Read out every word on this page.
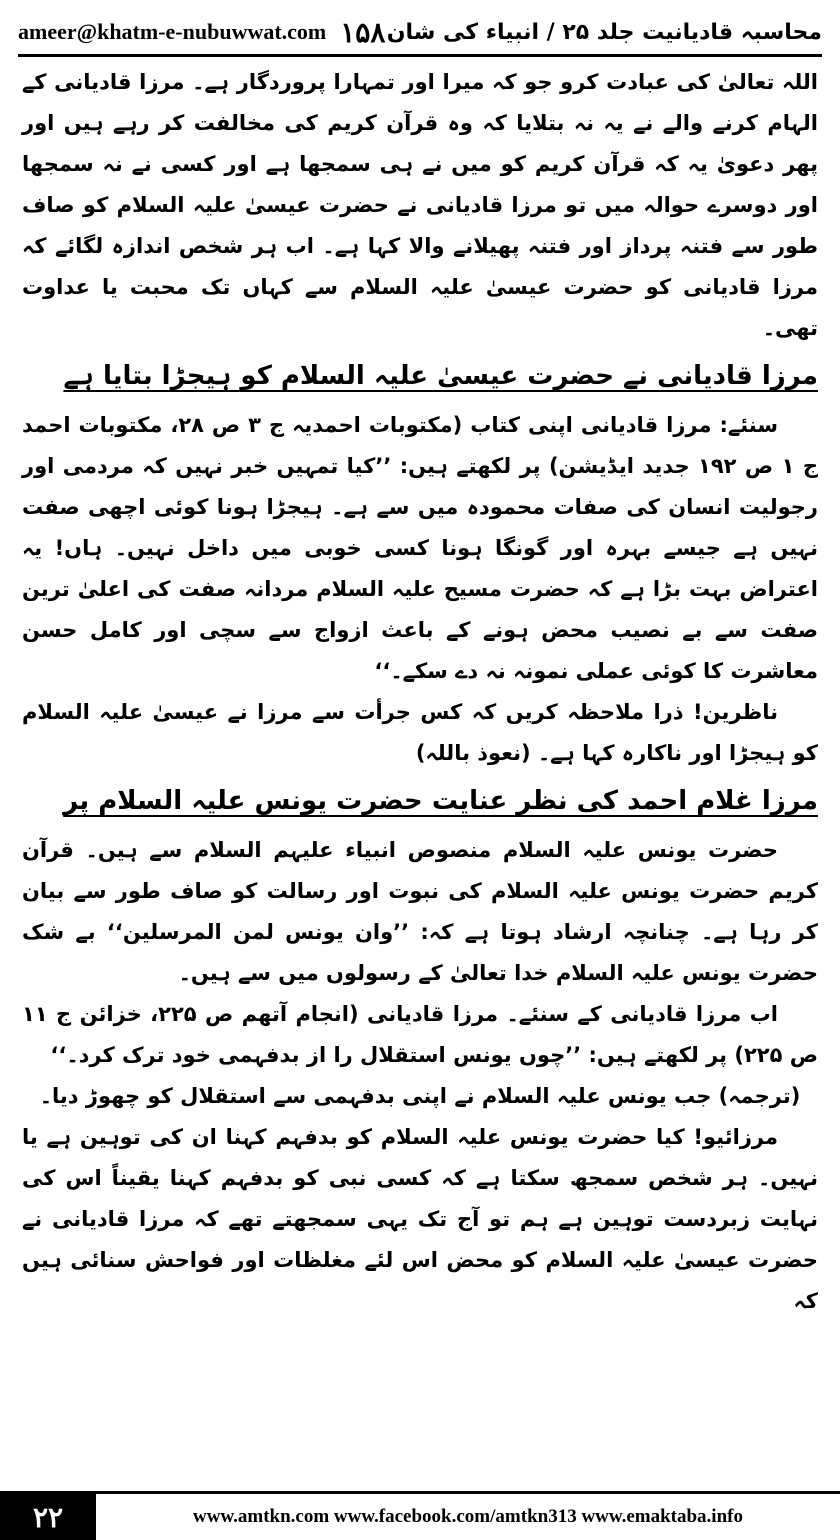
ameer@khatm-e-nubuwwat.com ۱۵۸ محاسبہ قادیانیت جلد ۲۵ / انبیاء کی شان

اللہ تعالیٰ کی عبادت کرو جو کہ میرا اور تمہارا پروردگار ہے۔ مرزا قادیانی کے الہام کرنے والے نے یہ نہ بتلایا کہ وہ قرآن کریم کی مخالفت کر رہے ہیں اور پھر دعویٰ یہ کہ قرآن کریم کو میں نے ہی سمجھا ہے اور کسی نے نہ سمجھا اور دوسرے حوالہ میں تو مرزا قادیانی نے حضرت عیسیٰ علیہ السلام کو صاف طور سے فتنہ پرداز اور فتنہ پھیلانے والا کہا ہے۔ اب ہر شخص اندازہ لگائے کہ مرزا قادیانی کو حضرت عیسیٰ علیہ السلام سے کہاں تک محبت یا عداوت تھی۔

مرزا قادیانی نے حضرت عیسیٰ علیہ السلام کو ہیجڑا بتایا ہے

سنئے: مرزا قادیانی اپنی کتاب (مکتوبات احمدیہ ج ۳ ص ۲۸، مکتوبات احمد ج ۱ ص ۱۹۲ جدید ایڈیشن) پر لکھتے ہیں: ’’کیا تمہیں خبر نہیں کہ مردمی اور رجولیت انسان کی صفات محمودہ میں سے ہے۔ ہیجڑا ہونا کوئی اچھی صفت نہیں ہے جیسے بہرہ اور گونگا ہونا کسی خوبی میں داخل نہیں۔ ہاں! یہ اعتراض بہت بڑا ہے کہ حضرت مسیح علیہ السلام مردانہ صفت کی اعلیٰ ترین صفت سے بے نصیب محض ہونے کے باعث ازواج سے سچی اور کامل حسن معاشرت کا کوئی عملی نمونہ نہ دے سکے۔‘‘

ناظرین! ذرا ملاحظہ کریں کہ کس جرأت سے مرزا نے عیسیٰ علیہ السلام کو ہیجڑا اور ناکارہ کہا ہے۔ (نعوذ باللہ)

مرزا غلام احمد کی نظر عنایت حضرت یونس علیہ السلام پر

حضرت یونس علیہ السلام منصوص انبیاء علیہم السلام سے ہیں۔ قرآن کریم حضرت یونس علیہ السلام کی نبوت اور رسالت کو صاف طور سے بیان کر رہا ہے۔ چنانچہ ارشاد ہوتا ہے کہ: ’’وان یونس لمن المرسلین‘‘ بے شک حضرت یونس علیہ السلام خدا تعالیٰ کے رسولوں میں سے ہیں۔

اب مرزا قادیانی کے سنئے۔ مرزا قادیانی (انجام آتھم ص ۲۲۵، خزائن ج ۱۱ ص ۲۲۵) پر لکھتے ہیں: ’’چوں یونس استقلال را از بدفہمی خود ترک کرد۔‘‘

(ترجمہ) جب یونس علیہ السلام نے اپنی بدفہمی سے استقلال کو چھوڑ دیا۔

مرزائیو! کیا حضرت یونس علیہ السلام کو بدفہم کہنا ان کی توہین ہے یا نہیں۔ ہر شخص سمجھ سکتا ہے کہ کسی نبی کو بدفہم کہنا یقیناً اس کی نہایت زبردست توہین ہے ہم تو آج تک یہی سمجھتے تھے کہ مرزا قادیانی نے حضرت عیسیٰ علیہ السلام کو محض اس لئے مغلظات اور فواحش سنائی ہیں کہ

۲۲	www.amtkn.com www.facebook.com/amtkn313 www.emaktaba.info
